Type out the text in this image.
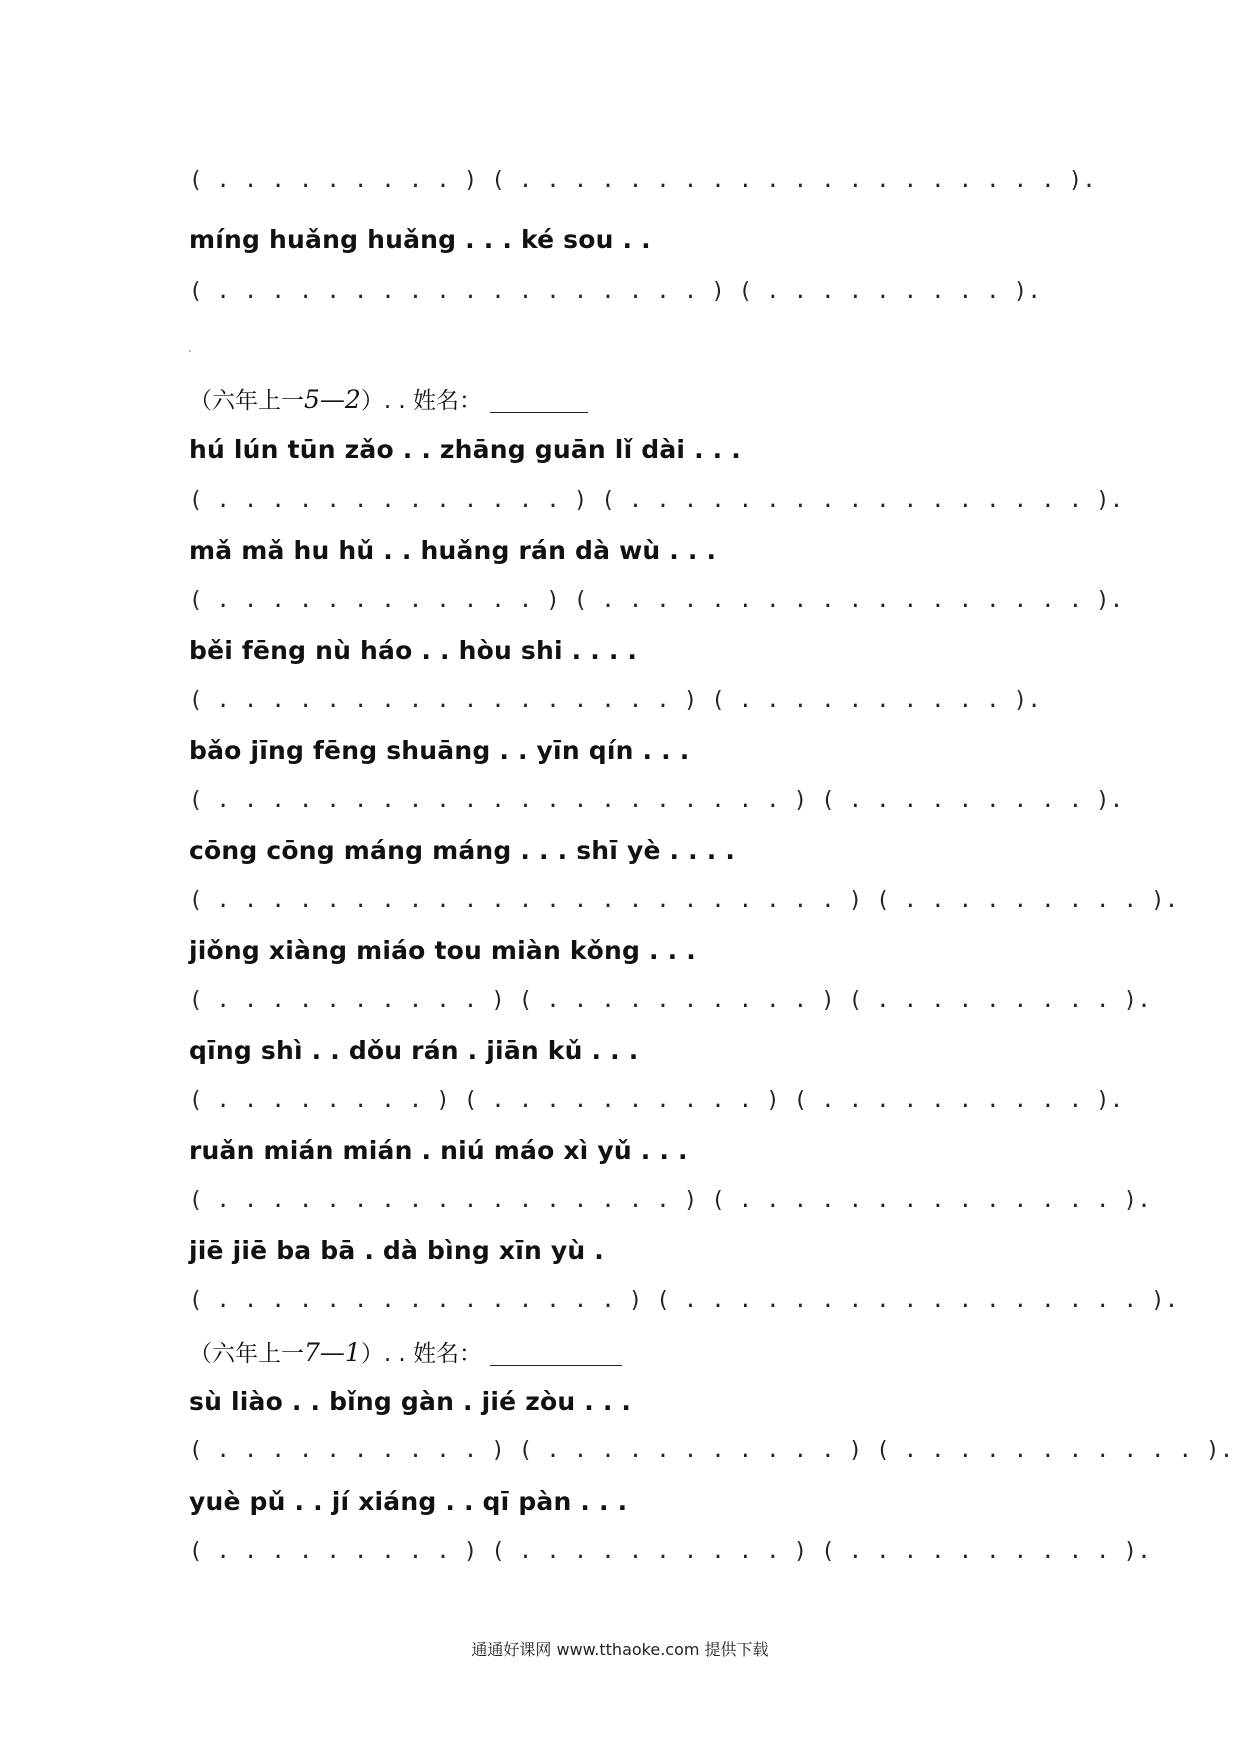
( . . . . . . . . . ) ( . . . . . . . . . . . . . . . . . . . . ).
míng huǎng huǎng . . . ké sou . .
( . . . . . . . . . . . . . . . . . . ) ( . . . . . . . . . ).
（六年上一5—2）. . 姓名：
hú lún tūn zǎo . . zhāng guān lǐ dài . . .
( . . . . . . . . . . . . . ) ( . . . . . . . . . . . . . . . . . ).
mǎ mǎ hu hǔ . . huǎng rán dà wù . . .
( . . . . . . . . . . . . ) ( . . . . . . . . . . . . . . . . . . ).
běi fēng nù háo . . hòu shi . . . .
( . . . . . . . . . . . . . . . . . ) ( . . . . . . . . . . ).
bǎo jīng fēng shuāng . . yīn qín . . .
( . . . . . . . . . . . . . . . . . . . . . ) ( . . . . . . . . . ).
cōng cōng máng máng . . . shī yè . . . .
( . . . . . . . . . . . . . . . . . . . . . . . ) ( . . . . . . . . . ).
jiǒng xiàng miáo tou miàn kǒng . . .
( . . . . . . . . . . ) ( . . . . . . . . . . ) ( . . . . . . . . . ).
qīng shì . . dǒu rán . jiān kǔ . . .
( . . . . . . . . ) ( . . . . . . . . . . ) ( . . . . . . . . . . ).
ruǎn mián mián . niú máo xì yǔ . . .
( . . . . . . . . . . . . . . . . . ) ( . . . . . . . . . . . . . . ).
jiē jiē ba bā . dà bìng xīn yù .
( . . . . . . . . . . . . . . . ) ( . . . . . . . . . . . . . . . . . ).
（六年上一7—1）. . 姓名：
sù liào . . bǐng gàn . jié zòu . . .
( . . . . . . . . . . ) ( . . . . . . . . . . . ) ( . . . . . . . . . . . ).
yuè pǔ . . jí xiáng . . qī pàn . . .
( . . . . . . . . . ) ( . . . . . . . . . . ) ( . . . . . . . . . . ).
通通好课网 www.tthaoke.com 提供下载
